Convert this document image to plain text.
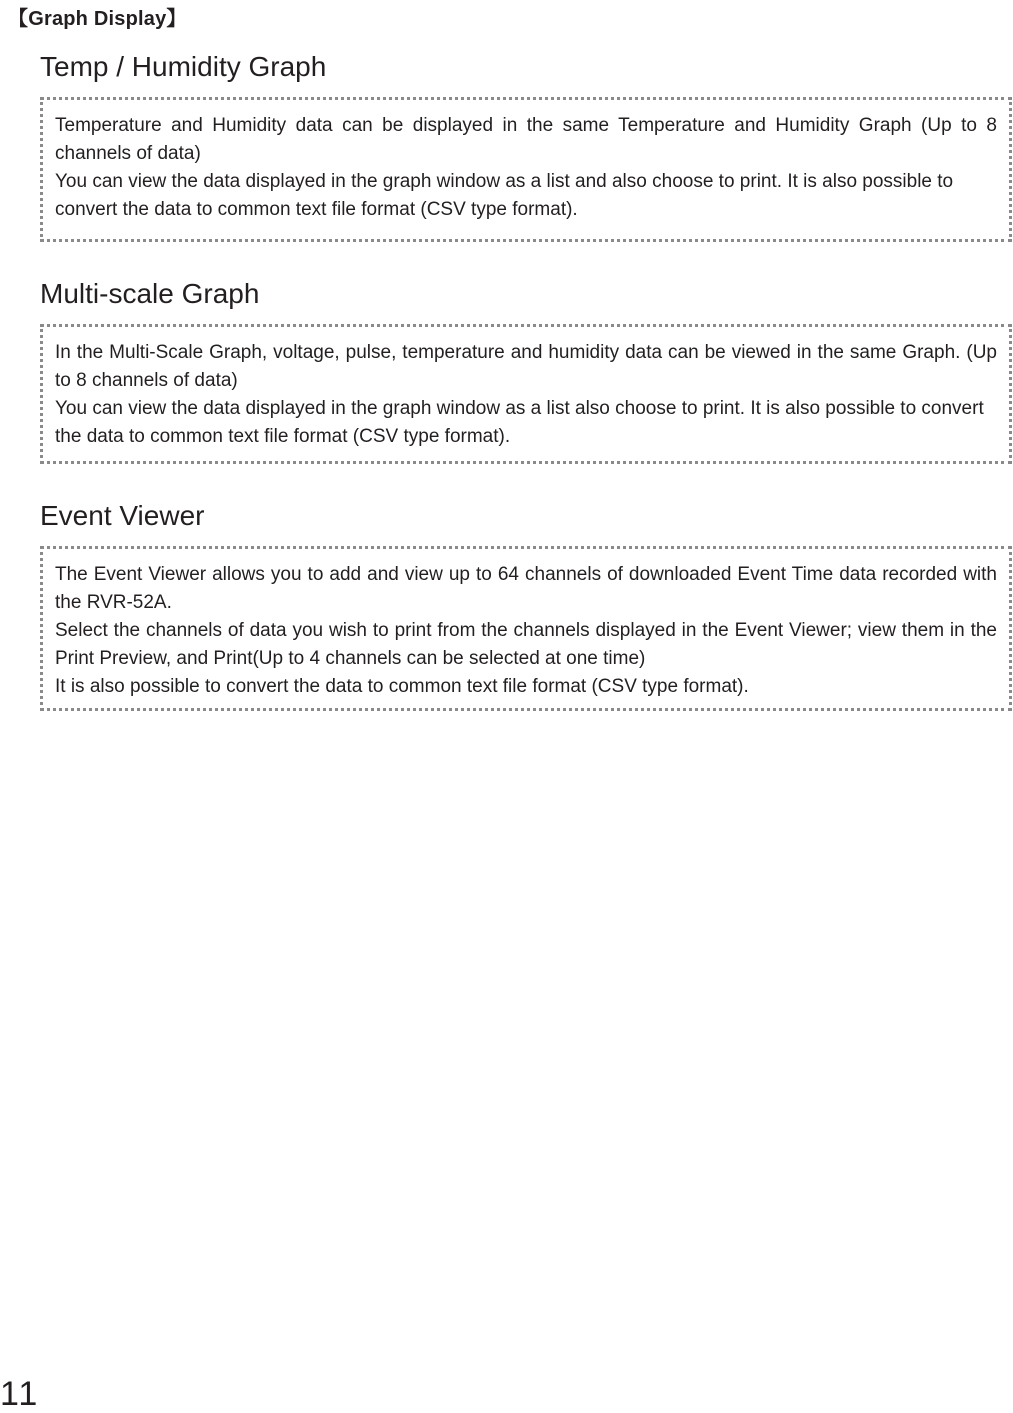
【Graph Display】
Temp / Humidity Graph

Temperature and Humidity data can be displayed in the same Temperature and Humidity Graph (Up to 8 channels of data)

You can view the data displayed in the graph window as a list and also choose to print. It is also possible to convert the data to common text file format (CSV type format).

Multi-scale Graph

In the Multi-Scale Graph, voltage, pulse, temperature and humidity data can be viewed in the same Graph. (Up to 8 channels of data)

You can view the data displayed in the graph window as a list also choose to print. It is also possible to convert the data to common text file format (CSV type format).

Event Viewer

The Event Viewer allows you to add and view up to 64 channels of downloaded Event Time data recorded with the RVR-52A.

Select the channels of data you wish to print from the channels displayed in the Event Viewer; view them in the Print Preview, and Print(Up to 4 channels can be selected at one time)

It is also possible to convert the data to common text file format (CSV type format).

11
